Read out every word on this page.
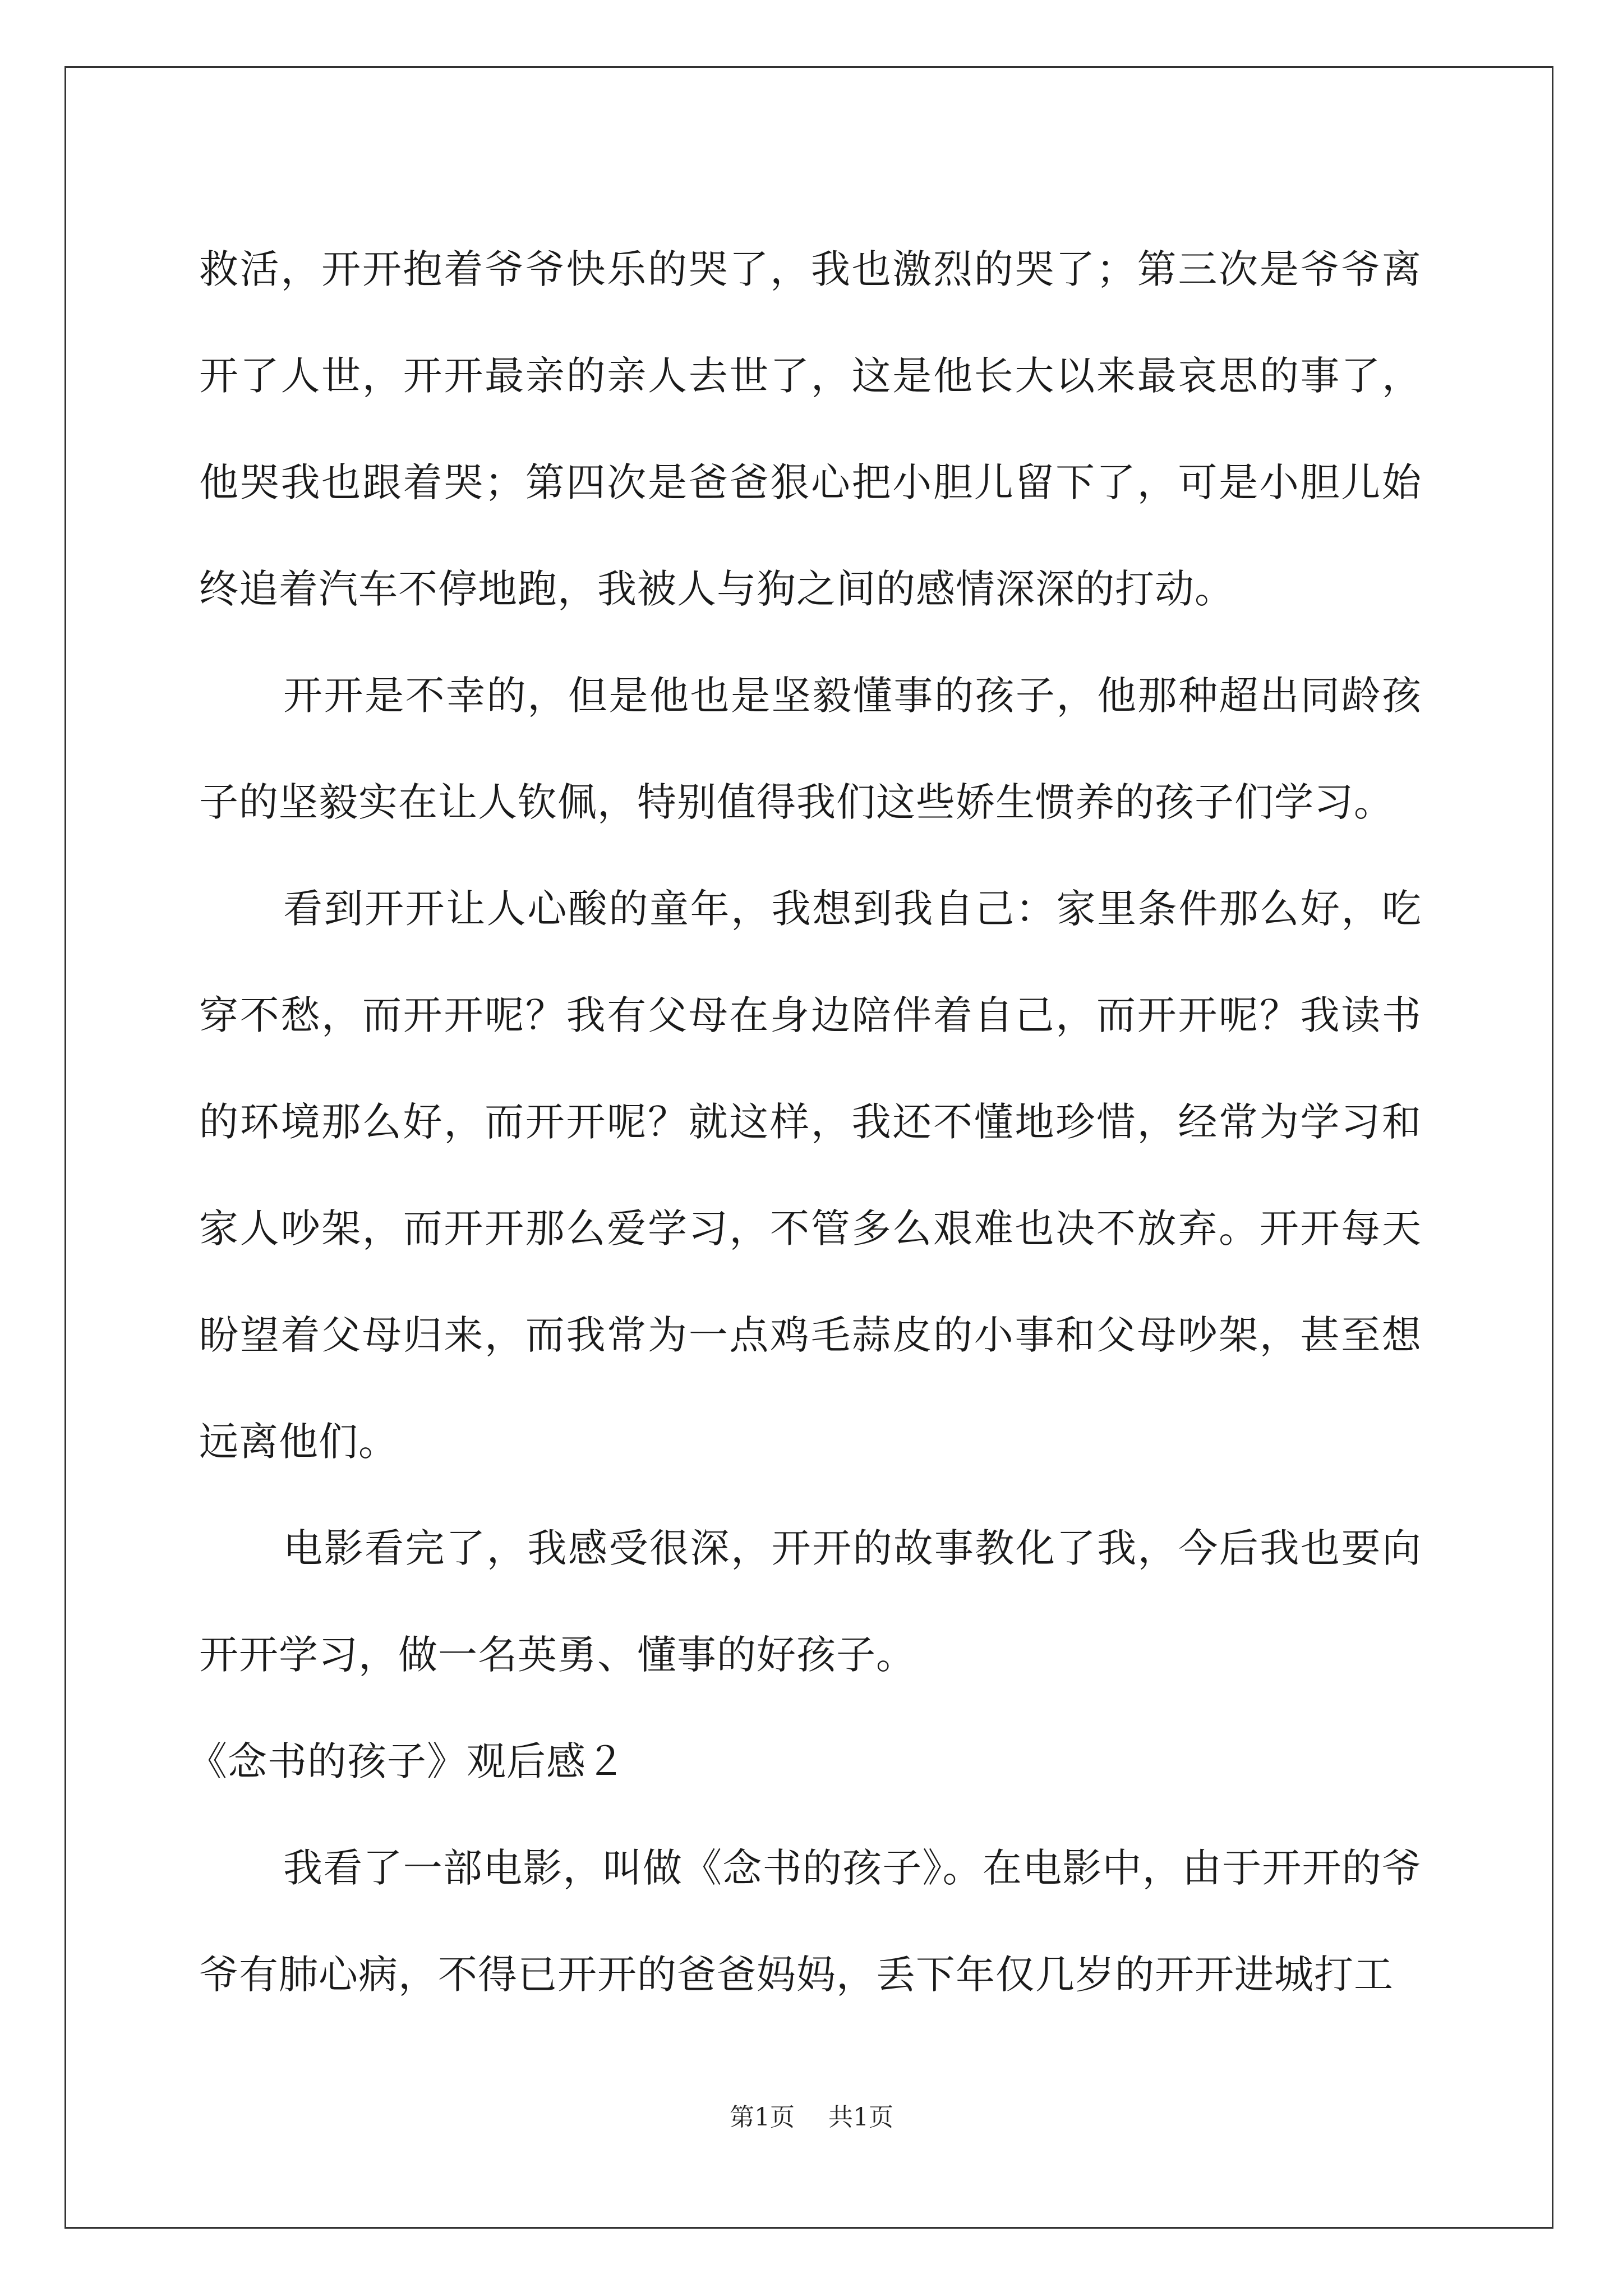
救活，开开抱着爷爷快乐的哭了，我也激烈的哭了；第三次是爷爷离开了人世，开开最亲的亲人去世了，这是他长大以来最哀思的事了，他哭我也跟着哭；第四次是爸爸狠心把小胆儿留下了，可是小胆儿始终追着汽车不停地跑，我被人与狗之间的感情深深的打动。

开开是不幸的，但是他也是坚毅懂事的孩子，他那种超出同龄孩子的坚毅实在让人钦佩，特别值得我们这些娇生惯养的孩子们学习。

看到开开让人心酸的童年，我想到我自己：家里条件那么好，吃穿不愁，而开开呢？我有父母在身边陪伴着自己，而开开呢？我读书的环境那么好，而开开呢？就这样，我还不懂地珍惜，经常为学习和家人吵架，而开开那么爱学习，不管多么艰难也决不放弃。开开每天盼望着父母归来，而我常为一点鸡毛蒜皮的小事和父母吵架，甚至想远离他们。

电影看完了，我感受很深，开开的故事教化了我，今后我也要向开开学习，做一名英勇、懂事的好孩子。

《念书的孩子》观后感２

我看了一部电影，叫做《念书的孩子》。在电影中，由于开开的爷爷有肺心病，不得已开开的爸爸妈妈，丢下年仅几岁的开开进城打工

第1页 共1页
